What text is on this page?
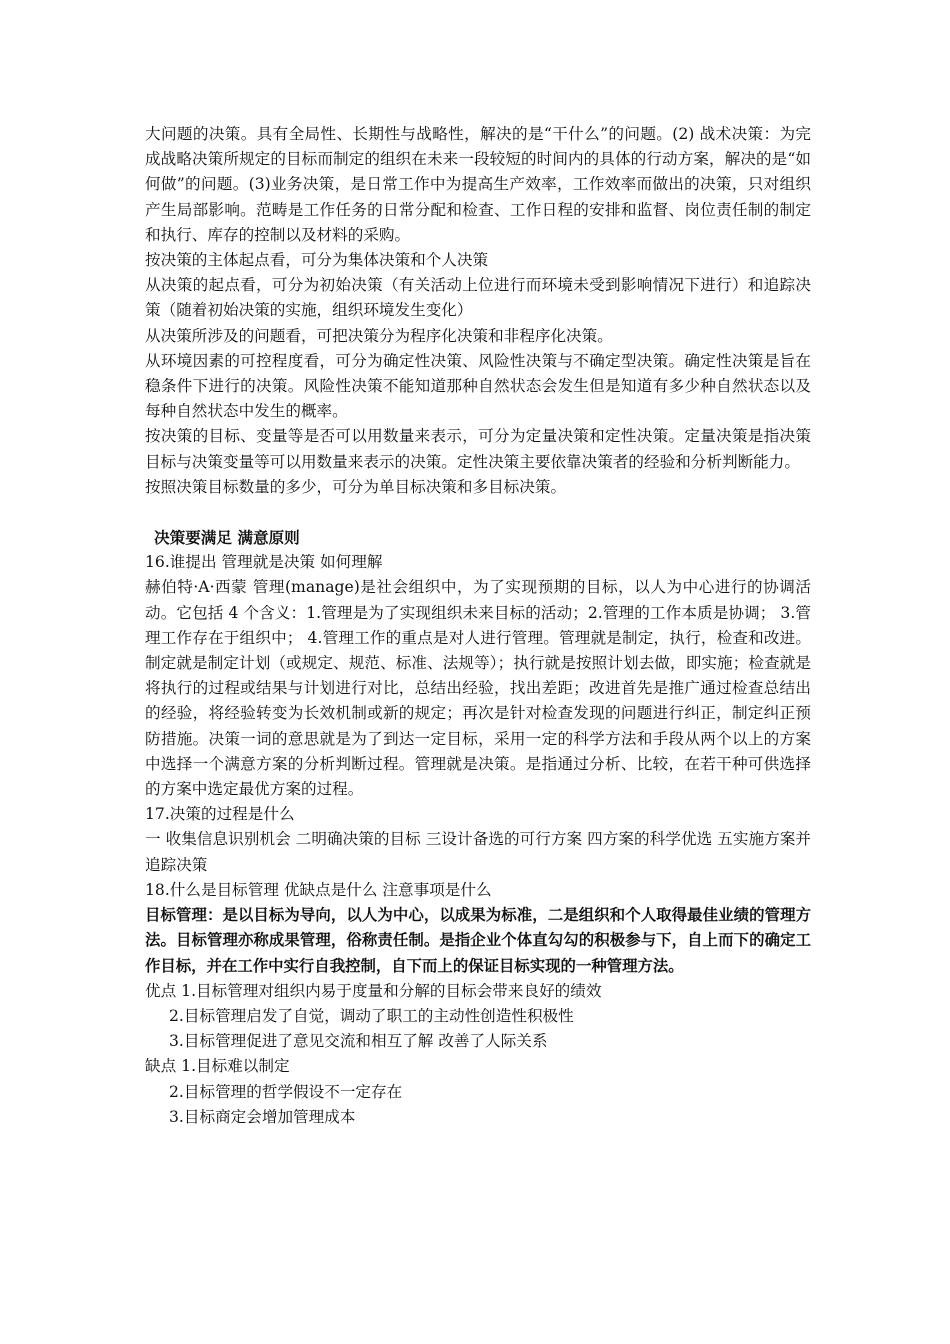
大问题的决策。具有全局性、长期性与战略性，解决的是“干什么”的问题。(2) 战术决策：为完成战略决策所规定的目标而制定的组织在未来一段较短的时间内的具体的行动方案，解决的是“如何做”的问题。(3)业务决策，是日常工作中为提高生产效率，工作效率而做出的决策，只对组织产生局部影响。范畴是工作任务的日常分配和检查、工作日程的安排和监督、岗位责任制的制定和执行、库存的控制以及材料的采购。

按决策的主体起点看，可分为集体决策和个人决策

从决策的起点看，可分为初始决策（有关活动上位进行而环境未受到影响情况下进行）和追踪决策（随着初始决策的实施，组织环境发生变化）

从决策所涉及的问题看，可把决策分为程序化决策和非程序化决策。

从环境因素的可控程度看，可分为确定性决策、风险性决策与不确定型决策。确定性决策是旨在稳条件下进行的决策。风险性决策不能知道那种自然状态会发生但是知道有多少种自然状态以及每种自然状态中发生的概率。

按决策的目标、变量等是否可以用数量来表示，可分为定量决策和定性决策。定量决策是指决策目标与决策变量等可以用数量来表示的决策。定性决策主要依靠决策者的经验和分析判断能力。

按照决策目标数量的多少，可分为单目标决策和多目标决策。

决策要满足 满意原则

16.谁提出 管理就是决策 如何理解

赫伯特·A·西蒙 管理(manage)是社会组织中，为了实现预期的目标，以人为中心进行的协调活动。它包括 4 个含义：1.管理是为了实现组织未来目标的活动；2.管理的工作本质是协调； 3.管理工作存在于组织中； 4.管理工作的重点是对人进行管理。管理就是制定，执行，检查和改进。制定就是制定计划（或规定、规范、标准、法规等）；执行就是按照计划去做，即实施；检查就是将执行的过程或结果与计划进行对比，总结出经验，找出差距；改进首先是推广通过检查总结出的经验，将经验转变为长效机制或新的规定；再次是针对检查发现的问题进行纠正，制定纠正预防措施。决策一词的意思就是为了到达一定目标，采用一定的科学方法和手段从两个以上的方案中选择一个满意方案的分析判断过程。管理就是决策。是指通过分析、比较，在若干种可供选择的方案中选定最优方案的过程。

17.决策的过程是什么

一 收集信息识别机会 二明确决策的目标 三设计备选的可行方案 四方案的科学优选 五实施方案并追踪决策

18.什么是目标管理 优缺点是什么 注意事项是什么

目标管理：是以目标为导向，以人为中心，以成果为标准，二是组织和个人取得最佳业绩的管理方法。目标管理亦称成果管理，俗称责任制。是指企业个体直勾勾的积极参与下，自上而下的确定工作目标，并在工作中实行自我控制，自下而上的保证目标实现的一种管理方法。

优点 1.目标管理对组织内易于度量和分解的目标会带来良好的绩效

2.目标管理启发了自觉，调动了职工的主动性创造性积极性

3.目标管理促进了意见交流和相互了解 改善了人际关系

缺点 1.目标难以制定

2.目标管理的哲学假设不一定存在

3.目标商定会增加管理成本
